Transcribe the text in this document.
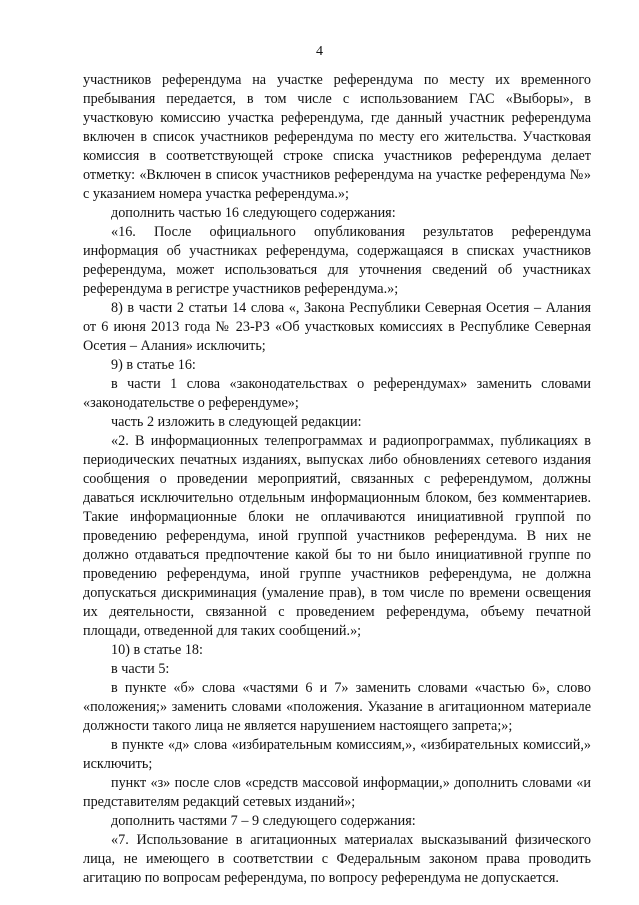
4

участников референдума на участке референдума по месту их временного пребывания передается, в том числе с использованием ГАС «Выборы», в участковую комиссию участка референдума, где данный участник референдума включен в список участников референдума по месту его жительства. Участковая комиссия в соответствующей строке списка участников референдума делает отметку: «Включен в список участников референдума на участке референдума №» с указанием номера участка референдума.»;

дополнить частью 16 следующего содержания:

«16. После официального опубликования результатов референдума информация об участниках референдума, содержащаяся в списках участников референдума, может использоваться для уточнения сведений об участниках референдума в регистре участников референдума.»;

8) в части 2 статьи 14 слова «, Закона Республики Северная Осетия – Алания от 6 июня 2013 года № 23-РЗ «Об участковых комиссиях в Республике Северная Осетия – Алания» исключить;

9) в статье 16:

в части 1 слова «законодательствах о референдумах» заменить словами «законодательстве о референдуме»;

часть 2 изложить в следующей редакции:

«2. В информационных телепрограммах и радиопрограммах, публикациях в периодических печатных изданиях, выпусках либо обновлениях сетевого издания сообщения о проведении мероприятий, связанных с референдумом, должны даваться исключительно отдельным информационным блоком, без комментариев. Такие информационные блоки не оплачиваются инициативной группой по проведению референдума, иной группой участников референдума. В них не должно отдаваться предпочтение какой бы то ни было инициативной группе по проведению референдума, иной группе участников референдума, не должна допускаться дискриминация (умаление прав), в том числе по времени освещения их деятельности, связанной с проведением референдума, объему печатной площади, отведенной для таких сообщений.»;

10) в статье 18:

в части 5:

в пункте «б» слова «частями 6 и 7» заменить словами «частью 6», слово «положения;» заменить словами «положения. Указание в агитационном материале должности такого лица не является нарушением настоящего запрета;»;

в пункте «д» слова «избирательным комиссиям,», «избирательных комиссий,» исключить;

пункт «з» после слов «средств массовой информации,» дополнить словами «и представителям редакций сетевых изданий»;

дополнить частями 7 – 9 следующего содержания:

«7. Использование в агитационных материалах высказываний физического лица, не имеющего в соответствии с Федеральным законом права проводить агитацию по вопросам референдума, по вопросу референдума не допускается.
